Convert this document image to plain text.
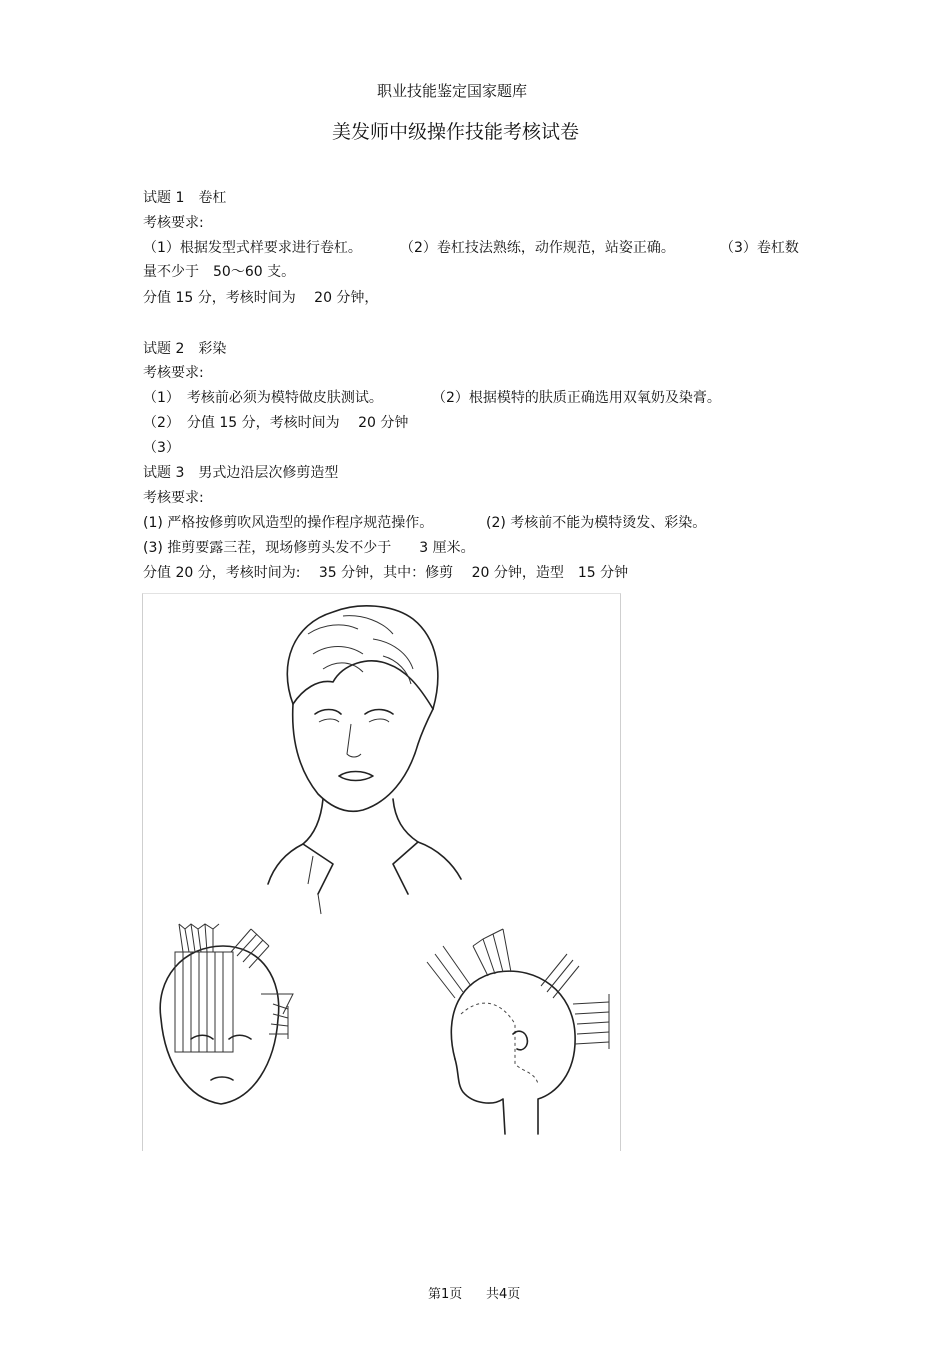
职业技能鉴定国家题库
美发师中级操作技能考核试卷
试题 1　卷杠
考核要求:
（1）根据发型式样要求进行卷杠。	（2）卷杠技法熟练，动作规范，站姿正确。	（3）卷杠数
量不少于　50～60 支。
分值 15 分，考核时间为　 20 分钟，
试题 2　彩染
考核要求:
（1）　考核前必须为模特做皮肤测试。	（2）根据模特的肤质正确选用双氧奶及染膏。
（2）　分值 15 分，考核时间为　 20 分钟
（3）
试题 3　男式边沿层次修剪造型
考核要求:
(1) 严格按修剪吹风造型的操作程序规范操作。	(2) 考核前不能为模特烫发、彩染。
(3) 推剪要露三茬，现场修剪头发不少于　　3 厘米。
分值 20 分，考核时间为:　 35 分钟，其中：修剪　 20 分钟，造型　15 分钟
第1页 共4页
